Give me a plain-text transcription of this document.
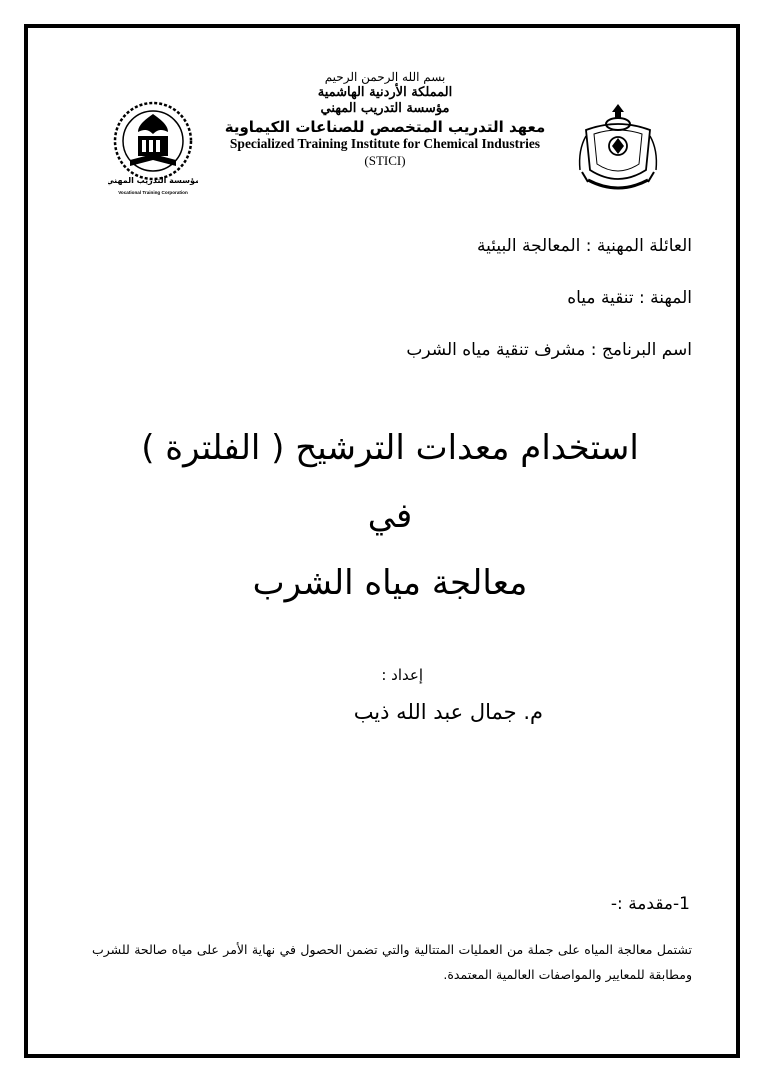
مؤسسة التدريب المهني
Vocational Training Corporation
بسم الله الرحمن الرحيم
المملكة الأردنية الهاشمية
مؤسسة التدريب المهني
معهد التدريب المتخصص للصناعات الكيماوية
Specialized Training Institute for Chemical Industries
(STICI)
العائلة المهنية : المعالجة البيئية
المهنة : تنقية مياه
اسم البرنامج : مشرف تنقية مياه الشرب
استخدام معدات الترشيح ( الفلترة )
في
معالجة مياه الشرب
إعداد :
م. جمال عبد الله ذيب
1-مقدمة :-
تشتمل معالجة المياه على جملة من العمليات المتتالية والتي تضمن الحصول في نهاية الأمر على مياه صالحة للشرب ومطابقة للمعايير والمواصفات العالمية المعتمدة.
